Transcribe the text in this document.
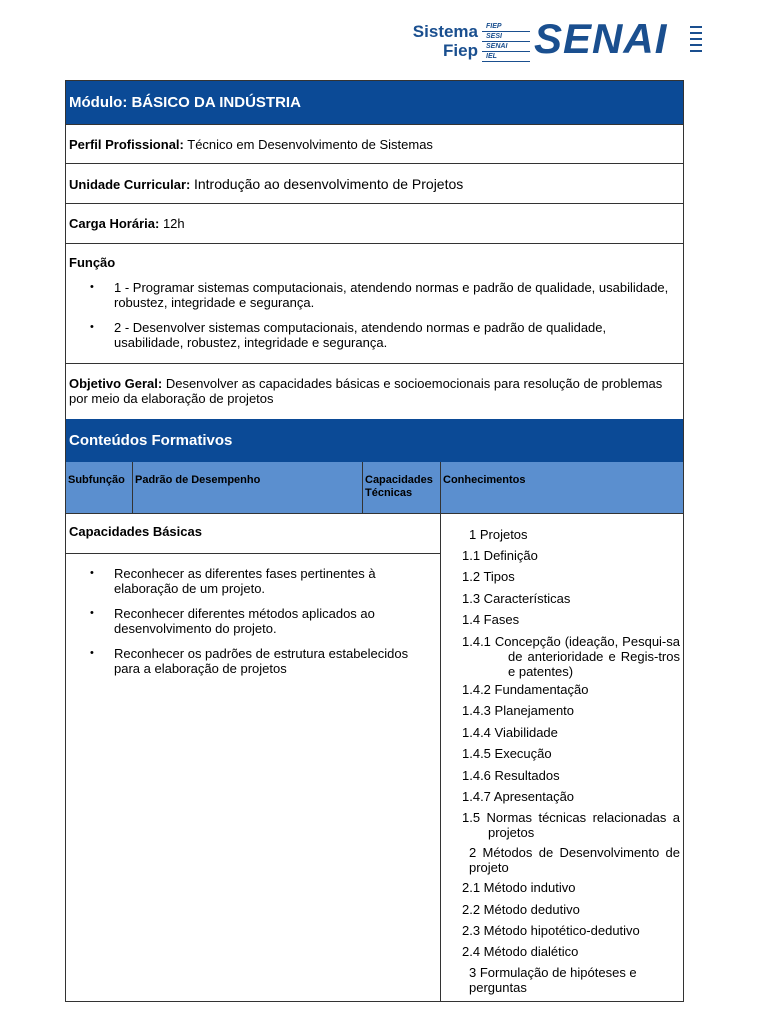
Sistema
Fiep
FIEP
SESI
SENAI
IEL SENAI
Módulo: BÁSICO DA INDÚSTRIA
Perfil Profissional: Técnico em Desenvolvimento de Sistemas
Unidade Curricular: Introdução ao desenvolvimento de Projetos
Carga Horária: 12h
Função
• 1 - Programar sistemas computacionais, atendendo normas e padrão de qualidade, usabilidade, robustez, integridade e segurança.
• 2 - Desenvolver sistemas computacionais, atendendo normas e padrão de qualidade, usabilidade, robustez, integridade e segurança.
Objetivo Geral: Desenvolver as capacidades básicas e socioemocionais para resolução de problemas por meio da elaboração de projetos
Conteúdos Formativos
Subfunção Padrão de Desempenho	Capacidades Técnicas
Conhecimentos
Capacidades Básicas
• Reconhecer as diferentes fases pertinentes à elaboração de um projeto.
• Reconhecer diferentes métodos aplicados ao desenvolvimento do projeto.
• Reconhecer os padrões de estrutura estabelecidos para a elaboração de projetos
1 Projetos
1.1 Definição
1.2 Tipos
1.3 Características
1.4 Fases
1.4.1 Concepção (ideação, Pesqui-sa de anterioridade e Regis-tros e patentes)
1.4.2 Fundamentação
1.4.3 Planejamento
1.4.4 Viabilidade
1.4.5 Execução
1.4.6 Resultados
1.4.7 Apresentação
1.5 Normas técnicas relacionadas a projetos
2 Métodos de Desenvolvimento de projeto
2.1 Método indutivo
2.2 Método dedutivo
2.3 Método hipotético-dedutivo
2.4 Método dialético
3 Formulação de hipóteses e perguntas
